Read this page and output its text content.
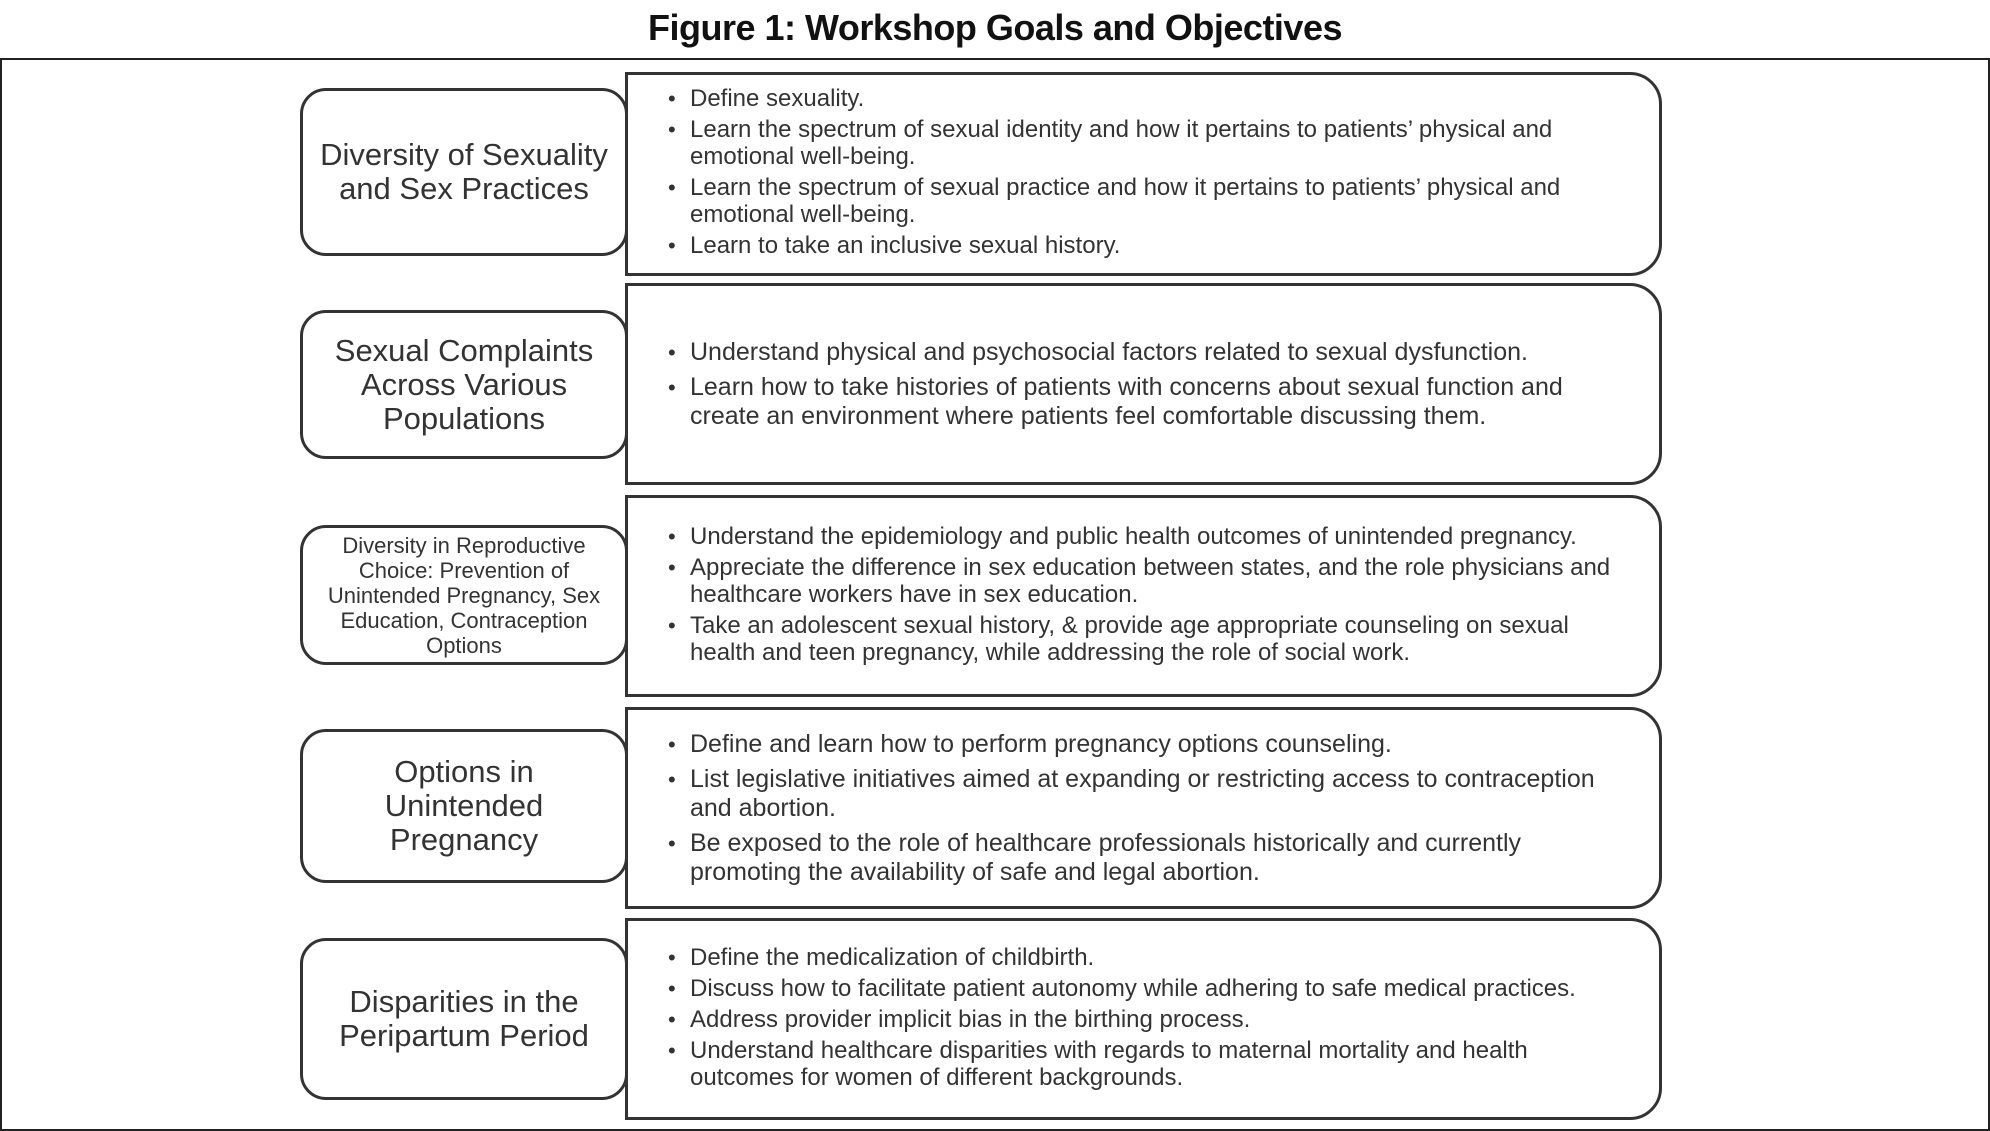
Figure 1: Workshop Goals and Objectives
Diversity of Sexuality and Sex Practices
• Define sexuality.
• Learn the spectrum of sexual identity and how it pertains to patients’ physical and emotional well-being.
• Learn the spectrum of sexual practice and how it pertains to patients’ physical and emotional well-being.
• Learn to take an inclusive sexual history.
Sexual Complaints Across Various Populations
• Understand physical and psychosocial factors related to sexual dysfunction.
• Learn how to take histories of patients with concerns about sexual function and create an environment where patients feel comfortable discussing them.
Diversity in Reproductive Choice: Prevention of Unintended Pregnancy, Sex Education, Contraception Options
• Understand the epidemiology and public health outcomes of unintended pregnancy.
• Appreciate the difference in sex education between states, and the role physicians and healthcare workers have in sex education.
• Take an adolescent sexual history, & provide age appropriate counseling on sexual health and teen pregnancy, while addressing the role of social work.
Options in Unintended Pregnancy
• Define and learn how to perform pregnancy options counseling.
• List legislative initiatives aimed at expanding or restricting access to contraception and abortion.
• Be exposed to the role of healthcare professionals historically and currently promoting the availability of safe and legal abortion.
Disparities in the Peripartum Period
• Define the medicalization of childbirth.
• Discuss how to facilitate patient autonomy while adhering to safe medical practices.
• Address provider implicit bias in the birthing process.
• Understand healthcare disparities with regards to maternal mortality and health outcomes for women of different backgrounds.
